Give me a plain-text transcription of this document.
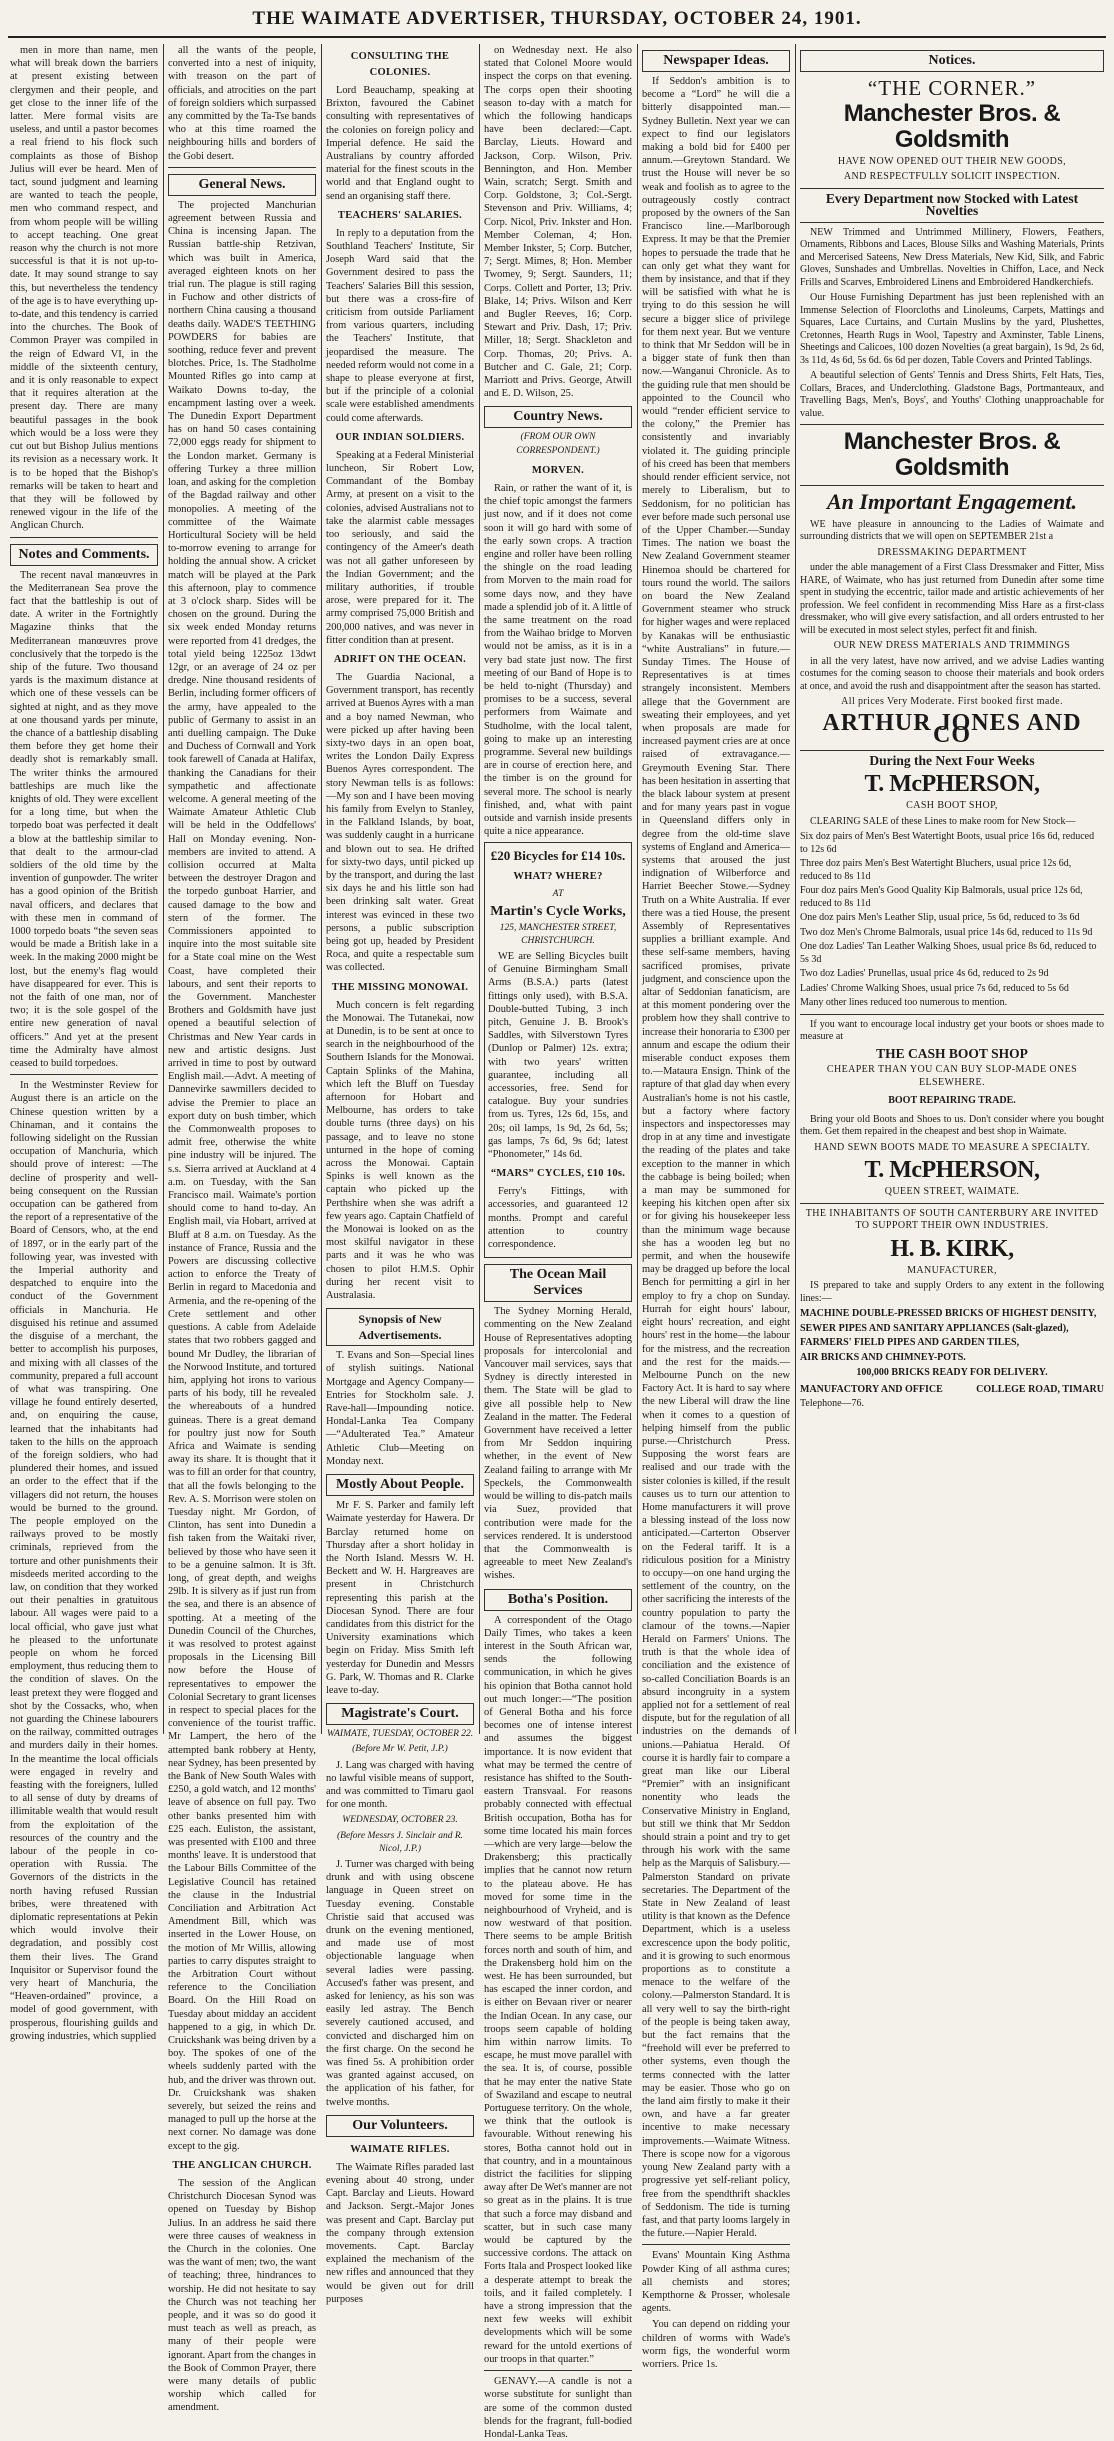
THE WAIMATE ADVERTISER, THURSDAY, OCTOBER 24, 1901.

men in more than name, men what will break down the barriers at present existing between clergymen and their people, and get close to the inner life of the latter. Mere formal visits are useless, and until a pastor becomes a real friend to his flock such complaints as those of Bishop Julius will ever be heard. Men of tact, sound judgment and learning are wanted to teach the people, men who command respect, and from whom people will be willing to accept teaching. One great reason why the church is not more successful is that it is not up-to-date. It may sound strange to say this, but nevertheless the tendency of the age is to have everything up-to-date, and this tendency is carried into the churches. The Book of Common Prayer was compiled in the reign of Edward VI, in the middle of the sixteenth century, and it is only reasonable to expect that it requires alteration at the present day. There are many beautiful passages in the book which would be a loss were they cut out but Bishop Julius mentions its revision as a necessary work. It is to be hoped that the Bishop's remarks will be taken to heart and that they will be followed by renewed vigour in the life of the Anglican Church.

Notes and Comments.

The recent naval manœuvres in the Mediterranean Sea prove the fact that the battleship is out of date. A writer in the Fortnightly Magazine thinks that the Mediterranean manœuvres prove conclusively that the torpedo is the ship of the future. Two thousand yards is the maximum distance at which one of these vessels can be sighted at night, and as they move at one thousand yards per minute, the chance of a battleship disabling them before they get home their deadly shot is remarkably small. The writer thinks the armoured battleships are much like the knights of old. They were excellent for a long time, but when the torpedo boat was perfected it dealt a blow at the battleship similar to that dealt to the armour-clad soldiers of the old time by the invention of gunpowder. The writer has a good opinion of the British naval officers, and declares that with these men in command of 1000 torpedo boats “the seven seas would be made a British lake in a week. In the making 2000 might be lost, but the enemy's flag would have disappeared for ever. This is not the faith of one man, nor of two; it is the sole gospel of the entire new generation of naval officers.” And yet at the present time the Admiralty have almost ceased to build torpedoes.

In the Westminster Review for August there is an article on the Chinese question written by a Chinaman, and it contains the following sidelight on the Russian occupation of Manchuria, which should prove of interest: —The decline of prosperity and well-being consequent on the Russian occupation can be gathered from the report of a representative of the Board of Censors, who, at the end of 1897, or in the early part of the following year, was invested with the Imperial authority and despatched to enquire into the conduct of the Government officials in Manchuria. He disguised his retinue and assumed the disguise of a merchant, the better to accomplish his purposes, and mixing with all classes of the community, prepared a full account of what was transpiring. One village he found entirely deserted, and, on enquiring the cause, learned that the inhabitants had taken to the hills on the approach of the foreign soldiers, who had plundered their homes, and issued an order to the effect that if the villagers did not return, the houses would be burned to the ground. The people employed on the railways proved to be mostly criminals, reprieved from the torture and other punishments their misdeeds merited according to the law, on condition that they worked out their penalties in gratuitous labour. All wages were paid to a local official, who gave just what he pleased to the unfortunate people on whom he forced employment, thus reducing them to the condition of slaves. On the least pretext they were flogged and shot by the Cossacks, who, when not guarding the Chinese labourers on the railway, committed outrages and murders daily in their homes. In the meantime the local officials were engaged in revelry and feasting with the foreigners, lulled to all sense of duty by dreams of illimitable wealth that would result from the exploitation of the resources of the country and the labour of the people in co-operation with Russia. The Governors of the districts in the north having refused Russian bribes, were threatened with diplomatic representations at Pekin which would involve their degradation, and possibly cost them their lives. The Grand Inquisitor or Supervisor found the very heart of Manchuria, the “Heaven-ordained” province, a model of good government, with prosperous, flourishing guilds and growing industries, which supplied

all the wants of the people, converted into a nest of iniquity, with treason on the part of officials, and atrocities on the part of foreign soldiers which surpassed any committed by the Ta-Tse bands who at this time roamed the neighbouring hills and borders of the Gobi desert.

General News.

The projected Manchurian agreement between Russia and China is incensing Japan. The Russian battle-ship Retzivan, which was built in America, averaged eighteen knots on her trial run. The plague is still raging in Fuchow and other districts of northern China causing a thousand deaths daily. WADE'S TEETHING POWDERS for babies are soothing, reduce fever and prevent blotches. Price, 1s. The Stadholme Mounted Rifles go into camp at Waikato Downs to-day, the encampment lasting over a week. The Dunedin Export Department has on hand 50 cases containing 72,000 eggs ready for shipment to the London market. Germany is offering Turkey a three million loan, and asking for the completion of the Bagdad railway and other monopolies. A meeting of the committee of the Waimate Horticultural Society will be held to-morrow evening to arrange for holding the annual show. A cricket match will be played at the Park this afternoon, play to commence at 3 o'clock sharp. Sides will be chosen on the ground. During the six week ended Monday returns were reported from 41 dredges, the total yield being 1225oz 13dwt 12gr, or an average of 24 oz per dredge. Nine thousand residents of Berlin, including former officers of the army, have appealed to the public of Germany to assist in an anti duelling campaign. The Duke and Duchess of Cornwall and York took farewell of Canada at Halifax, thanking the Canadians for their sympathetic and affectionate welcome. A general meeting of the Waimate Amateur Athletic Club will be held in the Oddfellows' Hall on Monday evening. Non-members are invited to attend. A collision occurred at Malta between the destroyer Dragon and the torpedo gunboat Harrier, and caused damage to the bow and stern of the former. The Commissioners appointed to inquire into the most suitable site for a State coal mine on the West Coast, have completed their labours, and sent their reports to the Government. Manchester Brothers and Goldsmith have just opened a beautiful selection of Christmas and New Year cards in new and artistic designs. Just arrived in time to post by outward English mail.—Advt. A meeting of Dannevirke sawmillers decided to advise the Premier to place an export duty on bush timber, which the Commonwealth proposes to admit free, otherwise the white pine industry will be injured. The s.s. Sierra arrived at Auckland at 4 a.m. on Tuesday, with the San Francisco mail. Waimate's portion should come to hand to-day. An English mail, via Hobart, arrived at Bluff at 8 a.m. on Tuesday. As the instance of France, Russia and the Powers are discussing collective action to enforce the Treaty of Berlin in regard to Macedonia and Armenia, and the re-opening of the Crete settlement and other questions. A cable from Adelaide states that two robbers gagged and bound Mr Dudley, the librarian of the Norwood Institute, and tortured him, applying hot irons to various parts of his body, till he revealed the whereabouts of a hundred guineas. There is a great demand for poultry just now for South Africa and Waimate is sending away its share. It is thought that it was to fill an order for that country, that all the fowls belonging to the Rev. A. S. Morrison were stolen on Tuesday night. Mr Gordon, of Clinton, has sent into Dunedin a fish taken from the Waitaki river, believed by those who have seen it to be a genuine salmon. It is 3ft. long, of great depth, and weighs 29lb. It is silvery as if just run from the sea, and there is an absence of spotting. At a meeting of the Dunedin Council of the Churches, it was resolved to protest against proposals in the Licensing Bill now before the House of representatives to empower the Colonial Secretary to grant licenses in respect to special places for the convenience of the tourist traffic. Mr Lampert, the hero of the attempted bank robbery at Henty, near Sydney, has been presented by the Bank of New South Wales with £250, a gold watch, and 12 months' leave of absence on full pay. Two other banks presented him with £25 each. Euliston, the assistant, was presented with £100 and three months' leave. It is understood that the Labour Bills Committee of the Legislative Council has retained the clause in the Industrial Conciliation and Arbitration Act Amendment Bill, which was inserted in the Lower House, on the motion of Mr Willis, allowing parties to carry disputes straight to the Arbitration Court without reference to the Conciliation Board. On the Hill Road on Tuesday about midday an accident happened to a gig, in which Dr. Cruickshank was being driven by a boy. The spokes of one of the wheels suddenly parted with the hub, and the driver was thrown out. Dr. Cruickshank was shaken severely, but seized the reins and managed to pull up the horse at the next corner. No damage was done except to the gig.

THE ANGLICAN CHURCH.

The session of the Anglican Christchurch Diocesan Synod was opened on Tuesday by Bishop Julius. In an address he said there were three causes of weakness in the Church in the colonies. One was the want of men; two, the want of teaching; three, hindrances to worship. He did not hesitate to say the Church was not teaching her people, and it was so do good it must teach as well as preach, as many of their people were ignorant. Apart from the changes in the Book of Common Prayer, there were many details of public worship which called for amendment.

CONSULTING THE COLONIES.

Lord Beauchamp, speaking at Brixton, favoured the Cabinet consulting with representatives of the colonies on foreign policy and Imperial defence. He said the Australians by country afforded material for the finest scouts in the world and that England ought to send an organising staff there.

TEACHERS' SALARIES.

In reply to a deputation from the Southland Teachers' Institute, Sir Joseph Ward said that the Government desired to pass the Teachers' Salaries Bill this session, but there was a cross-fire of criticism from outside Parliament from various quarters, including the Teachers' Institute, that jeopardised the measure. The needed reform would not come in a shape to please everyone at first, but if the principle of a colonial scale were established amendments could come afterwards.

OUR INDIAN SOLDIERS.

Speaking at a Federal Ministerial luncheon, Sir Robert Low, Commandant of the Bombay Army, at present on a visit to the colonies, advised Australians not to take the alarmist cable messages too seriously, and said the contingency of the Ameer's death was not all gather unforeseen by the Indian Government; and the military authorities, if trouble arose, were prepared for it. The army comprised 75,000 British and 200,000 natives, and was never in fitter condition than at present.

ADRIFT ON THE OCEAN.

The Guardia Nacional, a Government transport, has recently arrived at Buenos Ayres with a man and a boy named Newman, who were picked up after having been sixty-two days in an open boat, writes the London Daily Express Buenos Ayres correspondent. The story Newman tells is as follows:—My son and I have been moving his family from Evelyn to Stanley, in the Falkland Islands, by boat, was suddenly caught in a hurricane and blown out to sea. He drifted for sixty-two days, until picked up by the transport, and during the last six days he and his little son had been drinking salt water. Great interest was evinced in these two persons, a public subscription being got up, headed by President Roca, and quite a respectable sum was collected.

THE MISSING MONOWAI.

Much concern is felt regarding the Monowai. The Tutanekai, now at Dunedin, is to be sent at once to search in the neighbourhood of the Southern Islands for the Monowai. Captain Splinks of the Mahina, which left the Bluff on Tuesday afternoon for Hobart and Melbourne, has orders to take double turns (three days) on his passage, and to leave no stone unturned in the hope of coming across the Monowai. Captain Spinks is well known as the captain who picked up the Perthshire when she was adrift a few years ago. Captain Chatfield of the Monowai is looked on as the most skilful navigator in these parts and it was he who was chosen to pilot H.M.S. Ophir during her recent visit to Australasia.

Synopsis of New Advertisements.

T. Evans and Son—Special lines of stylish suitings. National Mortgage and Agency Company—Entries for Stockholm sale. J. Rave-hall—Impounding notice. Hondal-Lanka Tea Company—“Adulterated Tea.” Amateur Athletic Club—Meeting on Monday next.

Mostly About People.

Mr F. S. Parker and family left Waimate yesterday for Hawera. Dr Barclay returned home on Thursday after a short holiday in the North Island. Messrs W. H. Beckett and W. H. Hargreaves are present in Christchurch representing this parish at the Diocesan Synod. There are four candidates from this district for the University examinations which begin on Friday. Miss Smith left yesterday for Dunedin and Messrs G. Park, W. Thomas and R. Clarke leave to-day.

Magistrate's Court.
WAIMATE, TUESDAY, OCTOBER 22.
(Before Mr W. Petit, J.P.)

J. Lang was charged with having no lawful visible means of support, and was committed to Timaru gaol for one month.

WEDNESDAY, OCTOBER 23.
(Before Messrs J. Sinclair and R. Nicol, J.P.)

J. Turner was charged with being drunk and with using obscene language in Queen street on Tuesday evening. Constable Christie said that accused was drunk on the evening mentioned, and made use of most objectionable language when several ladies were passing. Accused's father was present, and asked for leniency, as his son was easily led astray. The Bench severely cautioned accused, and convicted and discharged him on the first charge. On the second he was fined 5s. A prohibition order was granted against accused, on the application of his father, for twelve months.

Our Volunteers.
WAIMATE RIFLES.

The Waimate Rifles paraded last evening about 40 strong, under Capt. Barclay and Lieuts. Howard and Jackson. Sergt.-Major Jones was present and Capt. Barclay put the company through extension movements. Capt. Barclay explained the mechanism of the new rifles and announced that they would be given out for drill purposes

on Wednesday next. He also stated that Colonel Moore would inspect the corps on that evening. The corps open their shooting season to-day with a match for which the following handicaps have been declared:—Capt. Barclay, Lieuts. Howard and Jackson, Corp. Wilson, Priv. Bennington, and Hon. Member Wain, scratch; Sergt. Smith and Corp. Goldstone, 3; Col.-Sergt. Stevenson and Priv. Williams, 4; Corp. Nicol, Priv. Inkster and Hon. Member Coleman, 4; Hon. Member Inkster, 5; Corp. Butcher, 7; Sergt. Mimes, 8; Hon. Member Twomey, 9; Sergt. Saunders, 11; Corps. Collett and Porter, 13; Priv. Blake, 14; Privs. Wilson and Kerr and Bugler Reeves, 16; Corp. Stewart and Priv. Dash, 17; Priv. Miller, 18; Sergt. Shackleton and Corp. Thomas, 20; Privs. A. Butcher and C. Gale, 21; Corp. Marriott and Privs. George, Atwill and E. D. Wilson, 25.

Country News.
(FROM OUR OWN CORRESPONDENT.)
MORVEN.

Rain, or rather the want of it, is the chief topic amongst the farmers just now, and if it does not come soon it will go hard with some of the early sown crops. A traction engine and roller have been rolling the shingle on the road leading from Morven to the main road for some days now, and they have made a splendid job of it. A little of the same treatment on the road from the Waihao bridge to Morven would not be amiss, as it is in a very bad state just now. The first meeting of our Band of Hope is to be held to-night (Thursday) and promises to be a success, several performers from Waimate and Studholme, with the local talent, going to make up an interesting programme. Several new buildings are in course of erection here, and the timber is on the ground for several more. The school is nearly finished, and, what with paint outside and varnish inside presents quite a nice appearance.

£20 Bicycles for £14 10s.
WHAT? WHERE?
AT
Martin's Cycle Works,
125, MANCHESTER STREET, CHRISTCHURCH.

WE are Selling Bicycles built of Genuine Birmingham Small Arms (B.S.A.) parts (latest fittings only used), with B.S.A. Double-butted Tubing, 3 inch pitch, Genuine J. B. Brook's Saddles, with Silverstown Tyres (Dunlop or Palmer) 12s. extra; with two years' written guarantee, including all accessories, free. Send for catalogue. Buy your sundries from us. Tyres, 12s 6d, 15s, and 20s; oil lamps, 1s 9d, 2s 6d, 5s; gas lamps, 7s 6d, 9s 6d; latest “Phonometer,” 14s 6d.

“MARS” CYCLES, £10 10s.

Ferry's Fittings, with accessories, and guaranteed 12 months. Prompt and careful attention to country correspondence.

The Ocean Mail Services

The Sydney Morning Herald, commenting on the New Zealand House of Representatives adopting proposals for intercolonial and Vancouver mail services, says that Sydney is directly interested in them. The State will be glad to give all possible help to New Zealand in the matter. The Federal Government have received a letter from Mr Seddon inquiring whether, in the event of New Zealand failing to arrange with Mr Speckels, the Commonwealth would be willing to dis-patch mails via Suez, provided that contribution were made for the services rendered. It is understood that the Commonwealth is agreeable to meet New Zealand's wishes.

Botha's Position.

A correspondent of the Otago Daily Times, who takes a keen interest in the South African war, sends the following communication, in which he gives his opinion that Botha cannot hold out much longer:—“The position of General Botha and his force becomes one of intense interest and assumes the biggest importance. It is now evident that what may be termed the centre of resistance has shifted to the South-eastern Transvaal. For reasons probably connected with effectual British occupation, Botha has for some time located his main forces—which are very large—below the Drakensberg; this practically implies that he cannot now return to the plateau above. He has moved for some time in the neighbourhood of Vryheid, and is now westward of that position. There seems to be ample British forces north and south of him, and the Drakensberg hold him on the west. He has been surrounded, but has escaped the inner cordon, and is either on Bevaan river or nearer the Indian Ocean. In any case, our troops seem capable of holding him within narrow limits. To escape, he must move parallel with the sea. It is, of course, possible that he may enter the native State of Swaziland and escape to neutral Portuguese territory. On the whole, we think that the outlook is favourable. Without renewing his stores, Botha cannot hold out in that country, and in a mountainous district the facilities for slipping away after De Wet's manner are not so great as in the plains. It is true that such a force may disband and scatter, but in such case many would be captured by the successive cordons. The attack on Forts Itala and Prospect looked like a desperate attempt to break the toils, and it failed completely. I have a strong impression that the next few weeks will exhibit developments which will be some reward for the untold exertions of our troops in that quarter.”

GENAVY.—A candle is not a worse substitute for sunlight than are some of the common dusted blends for the fragrant, full-bodied Hondal-Lanka Teas.

Newspaper Ideas.

If Seddon's ambition is to become a “Lord” he will die a bitterly disappointed man.—Sydney Bulletin. Next year we can expect to find our legislators making a bold bid for £400 per annum.—Greytown Standard. We trust the House will never be so weak and foolish as to agree to the outrageously costly contract proposed by the owners of the San Francisco line.—Marlborough Express. It may be that the Premier hopes to persuade the trade that he can only get what they want for them by insistance, and that if they will be satisfied with what he is trying to do this session he will secure a bigger slice of privilege for them next year. But we venture to think that Mr Seddon will be in a bigger state of funk then than now.—Wanganui Chronicle. As to the guiding rule that men should be appointed to the Council who would “render efficient service to the colony,” the Premier has consistently and invariably violated it. The guiding principle of his creed has been that members should render efficient service, not merely to Liberalism, but to Seddonism, for no politician has ever before made such personal use of the Upper Chamber.—Sunday Times. The nation we boast the New Zealand Government steamer Hinemoa should be chartered for tours round the world. The sailors on board the New Zealand Government steamer who struck for higher wages and were replaced by Kanakas will be enthusiastic “white Australians” in future.—Sunday Times. The House of Representatives is at times strangely inconsistent. Members allege that the Government are sweating their employees, and yet when proposals are made for increased payment cries are at once raised of extravagance.—Greymouth Evening Star. There has been hesitation in asserting that the black labour system at present and for many years past in vogue in Queensland differs only in degree from the old-time slave systems of England and America—systems that aroused the just indignation of Wilberforce and Harriet Beecher Stowe.—Sydney Truth on a White Australia. If ever there was a tied House, the present Assembly of Representatives supplies a brilliant example. And these self-same members, having sacrificed promises, private judgment, and conscience upon the altar of Seddonian fanaticism, are at this moment pondering over the problem how they shall contrive to increase their honoraria to £300 per annum and escape the odium their miserable conduct exposes them to.—Mataura Ensign. Think of the rapture of that glad day when every Australian's home is not his castle, but a factory where factory inspectors and inspectoresses may drop in at any time and investigate the reading of the plates and take exception to the manner in which the cabbage is being boiled; when a man may be summoned for keeping his kitchen open after six or for giving his housekeeper less than the minimum wage because she has a wooden leg but no permit, and when the housewife may be dragged up before the local Bench for permitting a girl in her employ to fry a chop on Sunday. Hurrah for eight hours' labour, eight hours' recreation, and eight hours' rest in the home—the labour for the mistress, and the recreation and the rest for the maids.—Melbourne Punch on the new Factory Act. It is hard to say where the new Liberal will draw the line when it comes to a question of helping himself from the public purse.—Christchurch Press. Supposing the worst fears are realised and our trade with the sister colonies is killed, if the result causes us to turn our attention to Home manufacturers it will prove a blessing instead of the loss now anticipated.—Carterton Observer on the Federal tariff. It is a ridiculous position for a Ministry to occupy—on one hand urging the settlement of the country, on the other sacrificing the interests of the country population to party the clamour of the towns.—Napier Herald on Farmers' Unions. The truth is that the whole idea of conciliation and the existence of so-called Conciliation Boards is an absurd incongruity in a system applied not for a settlement of real dispute, but for the regulation of all industries on the demands of unions.—Pahiatua Herald. Of course it is hardly fair to compare a great man like our Liberal “Premier” with an insignificant nonentity who leads the Conservative Ministry in England, but still we think that Mr Seddon should strain a point and try to get through his work with the same help as the Marquis of Salisbury.—Palmerston Standard on private secretaries. The Department of the State in New Zealand of least utility is that known as the Defence Department, which is a useless excrescence upon the body politic, and it is growing to such enormous proportions as to constitute a menace to the welfare of the colony.—Palmerston Standard. It is all very well to say the birth-right of the people is being taken away, but the fact remains that the “freehold will ever be preferred to other systems, even though the terms connected with the latter may be easier. Those who go on the land aim firstly to make it their own, and have a far greater incentive to make necessary improvements.—Waimate Witness. There is scope now for a vigorous young New Zealand party with a progressive yet self-reliant policy, free from the spendthrift shackles of Seddonism. The tide is turning fast, and that party looms largely in the future.—Napier Herald.

Evans' Mountain King Asthma Powder King of all asthma cures; all chemists and stores; Kempthorne & Prosser, wholesale agents.

You can depend on ridding your children of worms with Wade's worm figs, the wonderful worm worriers. Price 1s.

Notices.
“THE CORNER.”
Manchester Bros. & Goldsmith
HAVE NOW OPENED OUT THEIR NEW GOODS,
AND RESPECTFULLY SOLICIT INSPECTION.
Every Department now Stocked with Latest Novelties

NEW Trimmed and Untrimmed Millinery, Flowers, Feathers, Ornaments, Ribbons and Laces, Blouse Silks and Washing Materials, Prints and Mercerised Sateens, New Dress Materials, New Kid, Silk, and Fabric Gloves, Sunshades and Umbrellas. Novelties in Chiffon, Lace, and Neck Frills and Scarves, Embroidered Linens and Embroidered Handkerchiefs.

Our House Furnishing Department has just been replenished with an Immense Selection of Floorcloths and Linoleums, Carpets, Mattings and Squares, Lace Curtains, and Curtain Muslins by the yard, Plushettes, Cretonnes, Hearth Rugs in Wool, Tapestry and Axminster, Table Linens, Sheetings and Calicoes, 100 dozen Novelties (a great bargain), 1s 9d, 2s 6d, 3s 11d, 4s 6d, 5s 6d. 6s 6d per dozen, Table Covers and Printed Tablings.

A beautiful selection of Gents' Tennis and Dress Shirts, Felt Hats, Ties, Collars, Braces, and Underclothing. Gladstone Bags, Portmanteaux, and Travelling Bags, Men's, Boys', and Youths' Clothing unapproachable for value.

Manchester Bros. & Goldsmith
An Important Engagement.

WE have pleasure in announcing to the Ladies of Waimate and surrounding districts that we will open on SEPTEMBER 21st a

DRESSMAKING DEPARTMENT

under the able management of a First Class Dressmaker and Fitter, Miss HARE, of Waimate, who has just returned from Dunedin after some time spent in studying the eccentric, tailor made and artistic achievements of her profession. We feel confident in recommending Miss Hare as a first-class dressmaker, who will give every satisfaction, and all orders entrusted to her will be executed in most select styles, perfect fit and finish.

OUR NEW DRESS MATERIALS AND TRIMMINGS

in all the very latest, have now arrived, and we advise Ladies wanting costumes for the coming season to choose their materials and book orders at once, and avoid the rush and disappointment after the season has started.

All prices Very Moderate. First booked first made.
ARTHUR JONES AND CO
During the Next Four Weeks
T. McPHERSON,
CASH BOOT SHOP,

CLEARING SALE of these Lines to make room for New Stock—

Six doz pairs of Men's Best Watertight Boots, usual price 16s 6d, reduced to 12s 6d
Three doz pairs Men's Best Watertight Bluchers, usual price 12s 6d, reduced to 8s 11d
Four doz pairs Men's Good Quality Kip Balmorals, usual price 12s 6d, reduced to 8s 11d
One doz pairs Men's Leather Slip, usual price, 5s 6d, reduced to 3s 6d
Two doz Men's Chrome Balmorals, usual price 14s 6d, reduced to 11s 9d
One doz Ladies' Tan Leather Walking Shoes, usual price 8s 6d, reduced to 5s 3d
Two doz Ladies' Prunellas, usual price 4s 6d, reduced to 2s 9d
Ladies' Chrome Walking Shoes, usual price 7s 6d, reduced to 5s 6d
Many other lines reduced too numerous to mention.

If you want to encourage local industry get your boots or shoes made to measure at

THE CASH BOOT SHOP
CHEAPER THAN YOU CAN BUY SLOP-MADE ONES ELSEWHERE.
BOOT REPAIRING TRADE.

Bring your old Boots and Shoes to us. Don't consider where you bought them. Get them repaired in the cheapest and best shop in Waimate.

HAND SEWN BOOTS MADE TO MEASURE A SPECIALTY.
T. McPHERSON,
QUEEN STREET, WAIMATE.
THE INHABITANTS OF SOUTH CANTERBURY ARE INVITED TO SUPPORT THEIR OWN INDUSTRIES.
H. B. KIRK,
MANUFACTURER,

IS prepared to take and supply Orders to any extent in the following lines:—

MACHINE DOUBLE-PRESSED BRICKS OF HIGHEST DENSITY,
SEWER PIPES AND SANITARY APPLIANCES (Salt-glazed),
FARMERS' FIELD PIPES AND GARDEN TILES,
AIR BRICKS AND CHIMNEY-POTS.
100,000 BRICKS READY FOR DELIVERY.
MANUFACTORY AND OFFICE	COLLEGE ROAD, TIMARU
Telephone—76.
